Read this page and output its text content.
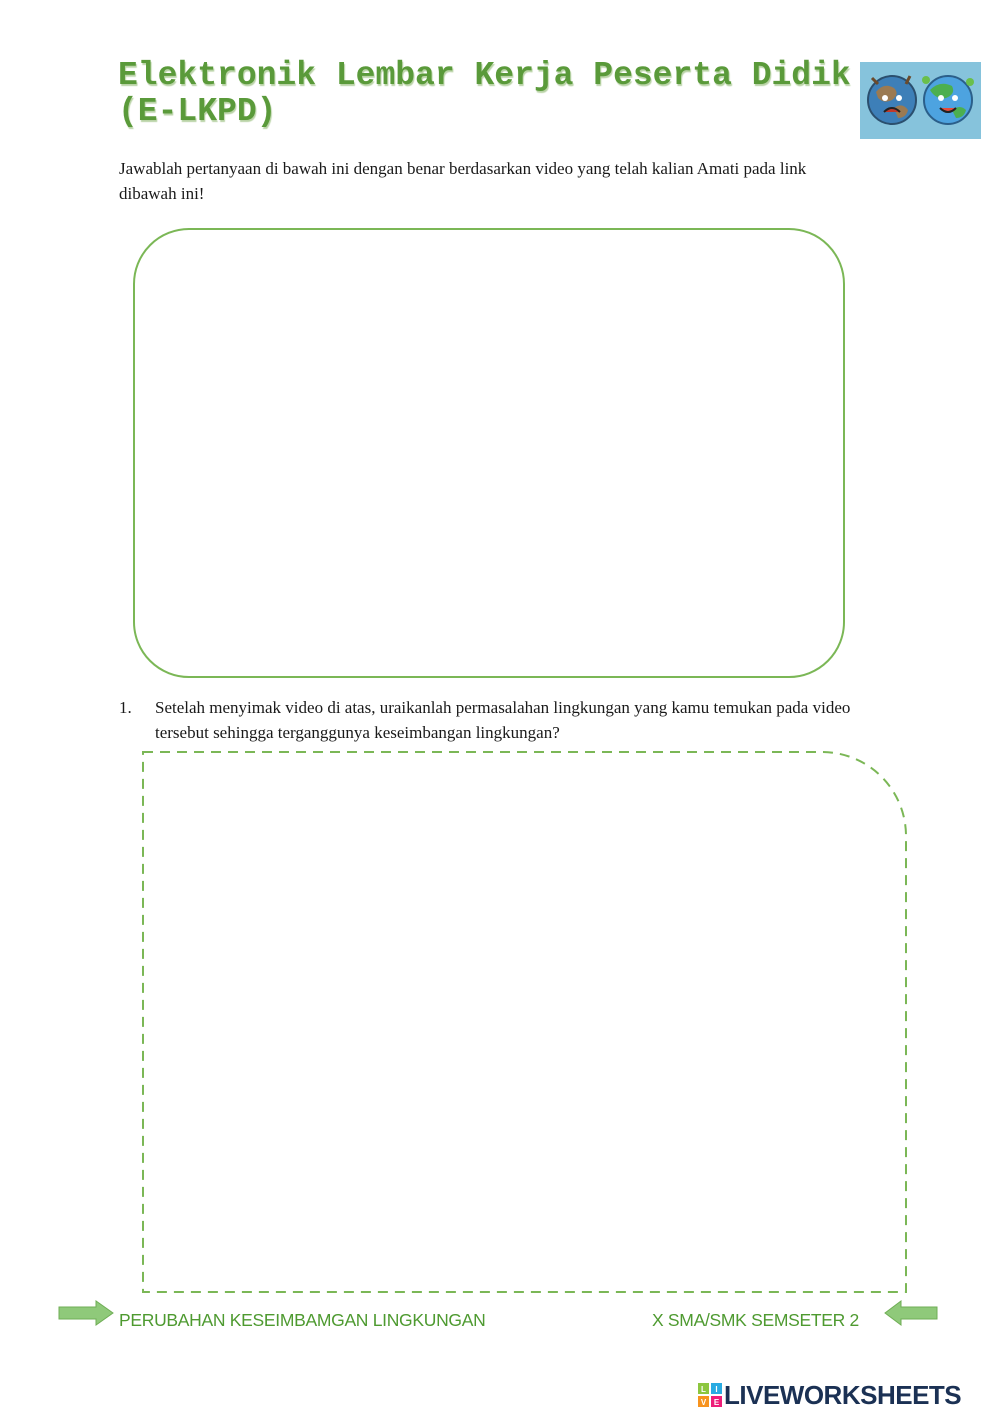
Elektronik Lembar Kerja Peserta Didik
(E-LKPD)

Jawablah pertanyaan di bawah ini dengan benar berdasarkan video yang telah kalian Amati pada link dibawah ini!

1. Setelah menyimak video di atas, uraikanlah permasalahan lingkungan yang kamu temukan pada video tersebut sehingga terganggunya keseimbangan lingkungan?
PERUBAHAN KESEIMBAMGAN LINGKUNGAN	X SMA/SMK SEMSETER 2
L I
V E LIVEWORKSHEETS
